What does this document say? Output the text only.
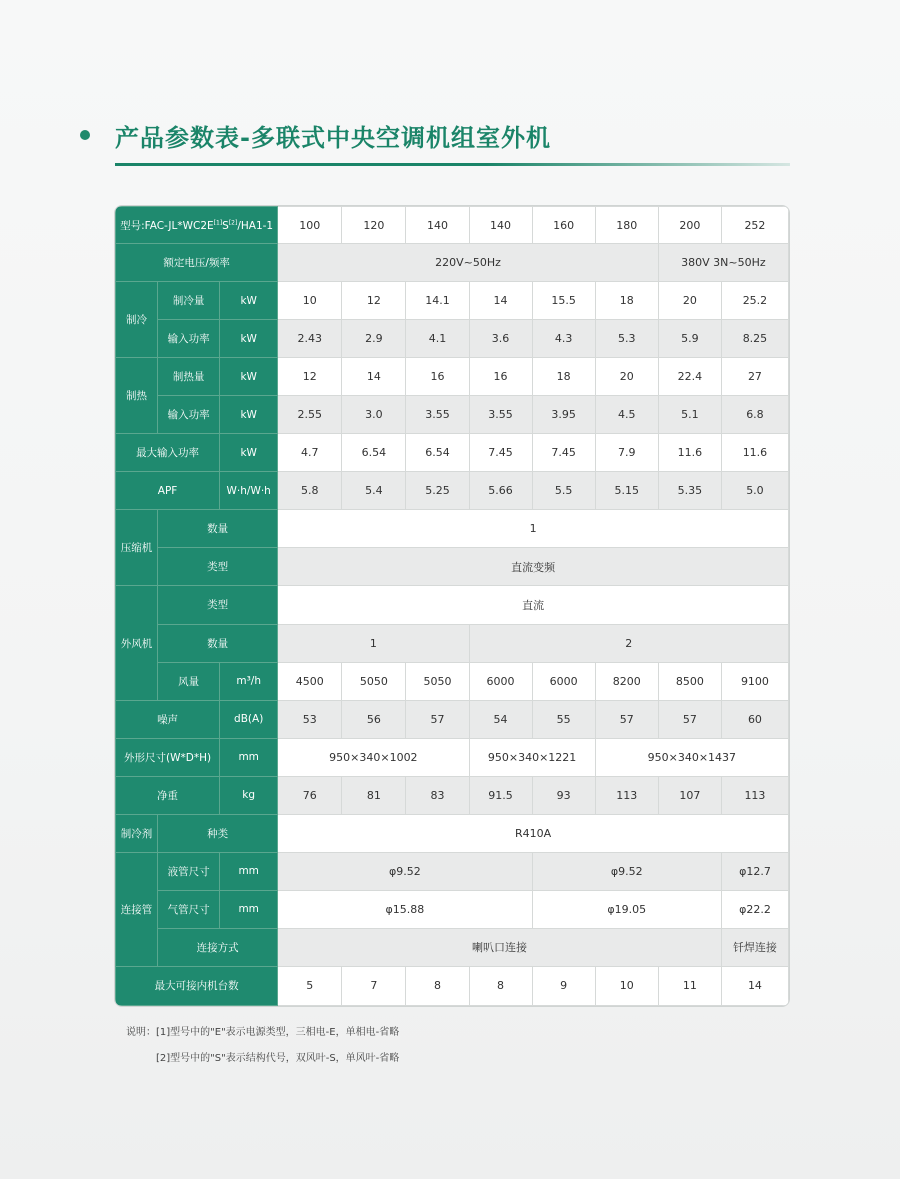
产品参数表-多联式中央空调机组室外机
型号:FAC-JL*WC2E[1]S[2]/HA1-1			100	120	140	140	160	180	200	252
额定电压/频率			220V~50Hz						380V 3N~50Hz	
制冷	制冷量	kW	10	12	14.1	14	15.5	18	20	25.2
	输入功率	kW	2.43	2.9	4.1	3.6	4.3	5.3	5.9	8.25
制热	制热量	kW	12	14	16	16	18	20	22.4	27
	输入功率	kW	2.55	3.0	3.55	3.55	3.95	4.5	5.1	6.8
最大输入功率		kW	4.7	6.54	6.54	7.45	7.45	7.9	11.6	11.6
APF		W·h/W·h	5.8	5.4	5.25	5.66	5.5	5.15	5.35	5.0
压缩机	数量		1							
	类型		直流变频							
外风机	类型		直流							
	数量		1			2				
	风量	m³/h	4500	5050	5050	6000	6000	8200	8500	9100
噪声		dB(A)	53	56	57	54	55	57	57	60
外形尺寸(W*D*H)		mm	950×340×1002			950×340×1221		950×340×1437		
净重		kg	76	81	83	91.5	93	113	107	113
制冷剂	种类		R410A							
连接管	液管尺寸	mm	φ9.52				φ9.52			φ12.7
	气管尺寸	mm	φ15.88				φ19.05			φ22.2
	连接方式		喇叭口连接							钎焊连接
最大可接内机台数			5	7	8	8	9	10	11	14
说明：[1]型号中的"E"表示电源类型，三相电-E，单相电-省略
[2]型号中的"S"表示结构代号，双风叶-S，单风叶-省略
